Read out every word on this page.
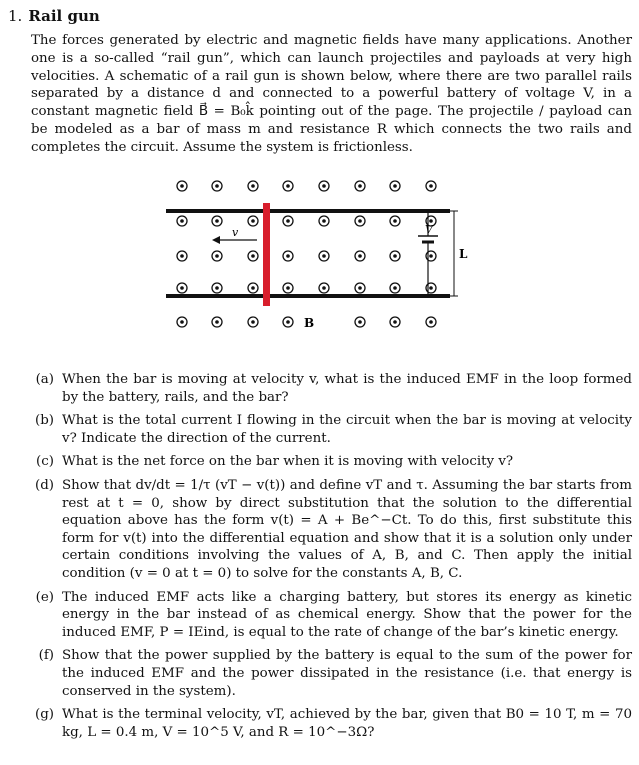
1. Rail gun
The forces generated by electric and magnetic fields have many applications. Another one is a so-called “rail gun”, which can launch projectiles and payloads at very high velocities. A schematic of a rail gun is shown below, where there are two parallel rails separated by a distance d and connected to a powerful battery of voltage V, in a constant magnetic field B⃗ = B₀k̂ pointing out of the page. The projectile / payload can be modeled as a bar of mass m and resistance R which connects the two rails and completes the circuit. Assume the system is frictionless.
V
L
v
B
(a) When the bar is moving at velocity v, what is the induced EMF in the loop formed by the battery, rails, and the bar?
(b) What is the total current I flowing in the circuit when the bar is moving at velocity v? Indicate the direction of the current.
(c) What is the net force on the bar when it is moving with velocity v?
(d) Show that dv/dt = 1/τ (vT − v(t)) and define vT and τ. Assuming the bar starts from rest at t = 0, show by direct substitution that the solution to the differential equation above has the form v(t) = A + Be^−Ct. To do this, first substitute this form for v(t) into the differential equation and show that it is a solution only under certain conditions involving the values of A, B, and C. Then apply the initial condition (v = 0 at t = 0) to solve for the constants A, B, C.
(e) The induced EMF acts like a charging battery, but stores its energy as kinetic energy in the bar instead of as chemical energy. Show that the power for the induced EMF, P = IEind, is equal to the rate of change of the bar’s kinetic energy.
(f) Show that the power supplied by the battery is equal to the sum of the power for the induced EMF and the power dissipated in the resistance (i.e. that energy is conserved in the system).
(g) What is the terminal velocity, vT, achieved by the bar, given that B0 = 10 T, m = 70 kg, L = 0.4 m, V = 10^5 V, and R = 10^−3Ω?
